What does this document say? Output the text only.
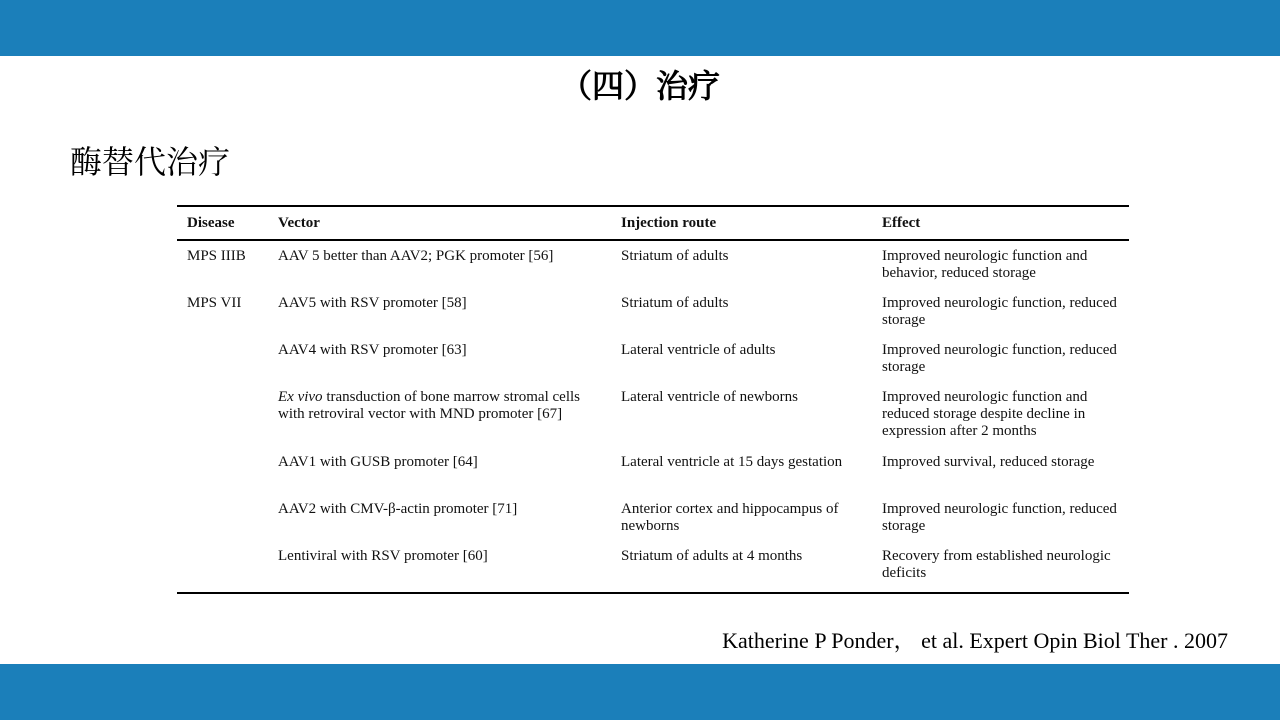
（四）治疗
酶替代治疗
Disease	Vector	Injection route	Effect
MPS IIIB	AAV 5 better than AAV2; PGK promoter [56]	Striatum of adults	Improved neurologic function and behavior, reduced storage
MPS VII	AAV5 with RSV promoter [58]	Striatum of adults	Improved neurologic function, reduced storage
	AAV4 with RSV promoter [63]	Lateral ventricle of adults	Improved neurologic function, reduced storage
	Ex vivo transduction of bone marrow stromal cells with retroviral vector with MND promoter [67]	Lateral ventricle of newborns	Improved neurologic function and reduced storage despite decline in expression after 2 months
	AAV1 with GUSB promoter [64]	Lateral ventricle at 15 days gestation	Improved survival, reduced storage
	AAV2 with CMV-β-actin promoter [71]	Anterior cortex and hippocampus of newborns	Improved neurologic function, reduced storage
	Lentiviral with RSV promoter [60]	Striatum of adults at 4 months	Recovery from established neurologic deficits
Katherine P Ponder， et al. Expert Opin Biol Ther . 2007
